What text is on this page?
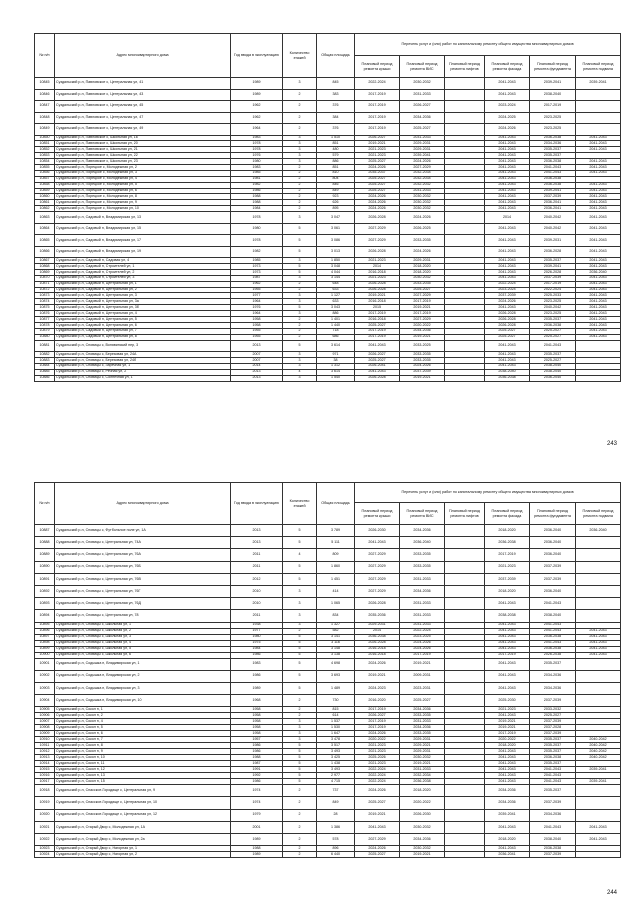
№ п/п	Адрес многоквартирного дома	Год ввода в эксплуатацию	Количество этажей	Общая площадь	Перечень услуг и (или) работ по капитальному ремонту общего имущества многоквартирных домов					
					Плановый период ремонта крыши	Плановый период ремонта ВИС	Плановый период ремонта лифтов	Плановый период ремонта фасада	Плановый период ремонта фундамента	Плановый период ремонта подвала
10845	Суздальский р-н, Павловское с, Центральная ул, 41	1989	3	845	2022-2024	2030-2032		2041-2043	2039-2041	2039-2041
10846	Суздальский р-н, Павловское с, Центральная ул, 43	1989	2	383	2017-2019	2031-2033		2041-2043	2038-2040	
10847	Суздальский р-н, Павловское с, Центральная ул, 45	1962	2	376	2017-2019	2026-2027		2023-2024	2017-2019	
10848	Суздальский р-н, Павловское с, Центральная ул, 47	1962	2	384	2017-2019	2034-2036		2024-2025	2023-2025	
10849	Суздальский р-н, Павловское с, Центральная ул, 49	1964	2	376	2017-2019	2025-2027		2024-2026	2023-2025	
10850	Суздальский р-н, Павловское с, Школьная ул, 16	1983	3	1 510	2026-2027	2031-2033		2041-2043	2036-2038	2041-2043
10851	Суздальский р-н, Павловское с, Школьная ул, 20	1978	3	851	2019-2021	2029-2031		2041-2043	2034-2036	2041-2043
10852	Суздальский р-н, Павловское с, Школьная ул, 21	1978	3	480	2021-2023	2029-2031		2041-2043	2035-2037	2041-2043
10853	Суздальский р-н, Павловское с, Школьная ул, 22	1976	3	579	2021-2023	2039-2041		2041-2043	2035-2037	
10854	Суздальский р-н, Павловское с, Школьная ул, 23	1980	3	886	2025-2027	2024-2026		2041-2043	2036-2038	2041-2043
10855	Суздальский р-н, Порецкое с, Молодежная ул, 2	1983	2	851	2024-2026	2027-2029		2041-2043	2041-2043	2041-2043
10856	Суздальский р-н, Порецкое с, Молодежная ул, 3	1985	2	810	2035-2037	2032-2034		2041-2043	2041-2043	2041-2043
10857	Суздальский р-н, Порецкое с, Молодежная ул, 4	1981	2	804	2025-2027	2032-2034		2041-2043	2036-2038	
10858	Суздальский р-н, Порецкое с, Молодежная ул, 5	1982	2	846	2025-2027	2032-2032		2041-2043	2036-2038	2041-2043
10859	Суздальский р-н, Порецкое с, Молодежная ул, 6	1986	2	849	2025-2027	2031-2033		2041-2043	2039-2041	2041-2043
10860	Суздальский р-н, Порецкое с, Молодежная ул, 8	1988	2	923	2024-2026	2030-2032		2041-2043	2037-2039	2041-2043
10861	Суздальский р-н, Порецкое с, Молодежная ул, 9	1988	2	626	2024-2026	2030-2032		2041-2043	2036-2041	2041-2043
10862	Суздальский р-н, Порецкое с, Молодежная ул, 10	1984	2	895	2024-2026	2030-2032		2041-2043	2036-2041	2041-2043
10863	Суздальский р-н, Садовый п, Владимирская ул, 13	1978	3	3 047	2026-2028	2024-2026		2014	2040-2042	2041-2043
10864	Суздальский р-н, Садовый п, Владимирская ул, 15	1980	5	3 061	2027-2029	2026-2025		2041-2043	2040-2042	2041-2043
10865	Суздальский р-н, Садовый п, Владимирская ул, 17	1978	5	3 086	2027-2029	2033-2035		2041-2043	2039-2031	2041-2043
10866	Суздальский р-н, Садовый п, Владимирская ул, 19	1982	5	3 013	2026-2028	2024-2026		2041-2043	2036-2028	2041-2043
10867	Суздальский р-н, Садовый п, Садовая ул, 4	1985	3	1 850	2021-2023	2029-2031		2041-2043	2035-2037	2041-2043
10868	Суздальский р-н, Садовый п, Строителей ул, 1	1973	5	3 048	2014	2018-2020		2041-2043	2039-2041	2041-2043
10869	Суздальский р-н, Садовый п, Строителей ул, 2	1973	5	4 044	2016-2018	2018-2020		2041-2043	2026-2028	2036-2040
10870	Суздальский р-н, Садовый п, Строителей ул, 3	1987	3	3 144	2021-2023	2030-2032		2041-2043	2037-2039	2041-2043
10871	Суздальский р-н, Садовый п, Центральная ул, 1	1962	2	648	2026-2028	2033-2035		2022-2024	2017-2019	2041-2043
10872	Суздальский р-н, Садовый п, Центральная ул, 2	1955	2	633	2026-2028	2025-2027		2023-2024	2022-2024	2041-2043
10873	Суздальский р-н, Садовый п, Центральная ул, 3	1977	3	1 127	2019-2021	2027-2029		2037-2039	2025-2033	2041-2043
10874	Суздальский р-н, Садовый п, Центральная ул, 3а	1964	3	633	2016-2018	2017-2019		2024-2026	2023-2025	2041-2043
10875	Суздальский р-н, Садовый п, Центральная ул, 3б	1976	5	3 043	2015	2019-2021		2041-2043	2040-2042	2041-2043
10876	Суздальский р-н, Садовый п, Центральная ул, 4	1964	3	886	2017-2019	2017-2019		2026-2028	2023-2025	2041-2043
10877	Суздальский р-н, Садовый п, Центральная ул, 5	1958	2	1 401	2016-2018	2027-2029		2026-2028	2035-2037	2041-2043
10878	Суздальский р-н, Садовый п, Центральная ул, 6	1958	2	1 440	2025-2027	2020-2022		2026-2028	2036-2038	2041-2043
10879	Суздальский р-н, Садовый п, Центральная ул, 7	1955	2	718	2017-2019	2034-2036		2025-2027	2025-2027	2041-2043
10880	Суздальский р-н, Садовый п, Центральная ул, 8	1955	2	686	2017-2019	2019-2021		2025-2027	2025-2027	2041-2043
10881	Суздальский р-н, Сновицы с, Вонявинский пер, 3	2013	5	3 614	2041-2043	2033-2025		2041-2043	2041-2043	
10882	Суздальский р-н, Сновицы с, Березовая ул, 24А	2007	3	971	2026-2027	2033-2035		2041-2043	2035-2037	
10883	Суздальский р-н, Сновицы с, Березовая ул, 24б	2007	3	38	2025-2027	2033-2035		2041-2043	2025-2027	
10884	Суздальский р-н, Сновицы с, Заречная ул, 1	2014	3	1 312	2026-2041	2024-2026		2041-2043	2038-2040	
10885	Суздальский р-н, Сновицы с, Речная ул, 2	2013	4	3 614	2041-2043	2037-2039		2038-2040	2038-2040	
10886	Суздальский р-н, Сновицы с, Солнечная ул, 1	2013	3	1 540	2026-2028	2019-2021		2036-2038	2036-2040	
243
№ п/п	Адрес многоквартирного дома	Год ввода в эксплуатацию	Количество этажей	Общая площадь	Перечень услуг и (или) работ по капитальному ремонту общего имущества многоквартирных домов					
					Плановый период ремонта крыши	Плановый период ремонта ВИС	Плановый период ремонта лифтов	Плановый период ремонта фасада	Плановый период ремонта фундамента	Плановый период ремонта подвала
10887	Суздальский р-н, Сновицы с, Футбольное поле ул, 1А	2013	5	3 789	2026-2030	2034-2036		2018-2020	2036-2040	2036-2040
10888	Суздальский р-н, Сновицы с, Центральная ул, 74А	2013	5	5 111	2041-2043	2036-2040		2036-2038	2036-2040	
10889	Суздальский р-н, Сновицы с, Центральная ул, 76А	2011	4	809	2027-2029	2033-2035		2017-2019	2036-2040	
10890	Суздальский р-н, Сновицы с, Центральная ул, 76Б	2011	5	1 860	2027-2029	2033-2035		2021-2023	2037-2039	
10891	Суздальский р-н, Сновицы с, Центральная ул, 76В	2012	5	1 451	2027-2029	2031-2033		2037-2039	2037-2039	
10892	Суздальский р-н, Сновицы с, Центральная ул, 76Г	2010	3	414	2027-2029	2034-2036		2018-2020	2036-2040	
10893	Суздальский р-н, Сновицы с, Центральная ул, 76Д	2010	3	1 065	2026-2028	2031-2033		2041-2043	2041-2043	
10894	Суздальский р-н, Сновицы с, Центральная ул, 78	2011	3	834	2035-2036	2031-2033		2038-2038	2038-2040	
10895	Суздальский р-н, Сновицы с, Школьная ул, 1	1938	3	1 327	2029-2031	2031-2033		2041-2043	2041-2043	
10896	Суздальский р-н, Сновицы с, Школьная ул, 2	1977	2	582	2014	2022-2024		2041-2043	2041-2043	2041-2043
10897	Суздальский р-н, Сновицы с, Школьная ул, 3	1980	5	3 141	2036-2038	2023-2025		2041-2043	2036-2038	2041-2043
10898	Суздальский р-н, Сновицы с, Школьная ул, 4	1975	5	3 116	2026-2028	2024-2026		2041-2043	2041-2043	2041-2043
10899	Суздальский р-н, Сновицы с, Школьная ул, 5	1984	5	3 148	2016-2018	2024-2026		2041-2043	2036-2038	2041-2043
10900	Суздальский р-н, Сновицы с, Школьная ул, 6	1986	5	3 138	2016-2018	2017-2019		2017-2019	2026-2038	2041-2043
10901	Суздальский р-н, Содышка п, Владимирская ул, 1	1983	5	4 698	2024-2026	2019-2021		2041-2043	2035-2037	
10902	Суздальский р-н, Содышка п, Владимирская ул, 2	1986	5	3 693	2019-2021	2009-2031		2041-2043	2034-2036	
10903	Суздальский р-н, Содышка п, Владимирская ул, 3	1989	5	1 489	2024-2023	2023-2031		2041-2043	2034-2036	
10904	Суздальский р-н, Содышка п, Владимирская ул, 10	1968	2	730	2016-2020	2025-2027		2025-2030	2037-2039	
10905	Суздальский р-н, Сокол п, 1	1958	2	815	2017-2019	2034-2036		2021-2023	2033-2032	
10906	Суздальский р-н, Сокол п, 2	1958	2	614	2026-2027	2033-2035		2041-2043	2025-2027	
10907	Суздальский р-н, Сокол п, 4	1958	3	1 537	2017-2019	2031-2033		2019-2021	2037-2039	
10908	Суздальский р-н, Сокол п, 5	1958	3	1 530	2017-2019	2034-2036		2019-2021	2037-2028	
10909	Суздальский р-н, Сокол п, 6	1958	3	1 647	2024-2026	2033-2035		2017-2019	2037-2039	
10910	Суздальский р-н, Сокол п, 7	1957	3	3 478	2020-2022	2029-2031		2020-2022	2035-2037	2040-2042
10911	Суздальский р-н, Сокол п, 8	1986	5	3 517	2021-2023	2029-2021		2018-2020	2035-2037	2040-2042
10912	Суздальский р-н, Сокол п, 9	1986	5	3 493	2021-2023	2029-2031		2041-2043	2035-2037	2040-2042
10913	Суздальский р-н, Сокол п, 10	1988	5	3 425	2025-2026	2030-2032		2041-2043	2036-2038	2040-2042
10914	Суздальский р-н, Сокол п, 11	1987	5	1 438	2021-2023	2019-2021		2041-2043	2035-2037	
10915	Суздальский р-н, Сокол п, 12	1991	5	3 493	2022-2024	2031-2033		2041-2043	2041-2043	2039-2041
10916	Суздальский р-н, Сокол п, 13	1992	5	2 977	2022-2024	2032-2034		2041-2043	2041-2043	
10917	Суздальский р-н, Сокол п, 15	1986	5	4 715	2022-2024	2036-2038		2041-2043	2041-2043	2039-2041
10918	Суздальский р-н, Спасское-Городище с, Центральная ул, 9	1974	2	737	2024-2026	2018-2020		2034-2036	2035-2037	
10919	Суздальский р-н, Спасское-Городище с, Центральная ул, 10	1974	2	849	2025-2027	2020-2022		2034-2036	2037-2039	
10920	Суздальский р-н, Спасское-Городище с, Центральная ул, 12	1979	2	28	2019-2021	2026-2030		2039-2041	2034-2036	
10921	Суздальский р-н, Старый Двор с, Молодежная ул, 1А	2001	2	1 386	2041-2043	2030-2032		2041-2043	2041-2043	2041-2043
10922	Суздальский р-н, Старый Двор с, Молодежная ул, 2а	1989	2	578	2027-2029	2034-2036		2018-2020	2038-2040	2041-2043
10923	Суздальский р-н, Старый Двор с, Нагорная ул, 1	1988	2	896	2024-2026	2030-2032		2041-2043	2036-2038	
10924	Суздальский р-н, Старый Двор с, Нагорная ул, 2	1989	2	6 440	2025-2027	2019-2021		2036-2041	2037-2039	
244
